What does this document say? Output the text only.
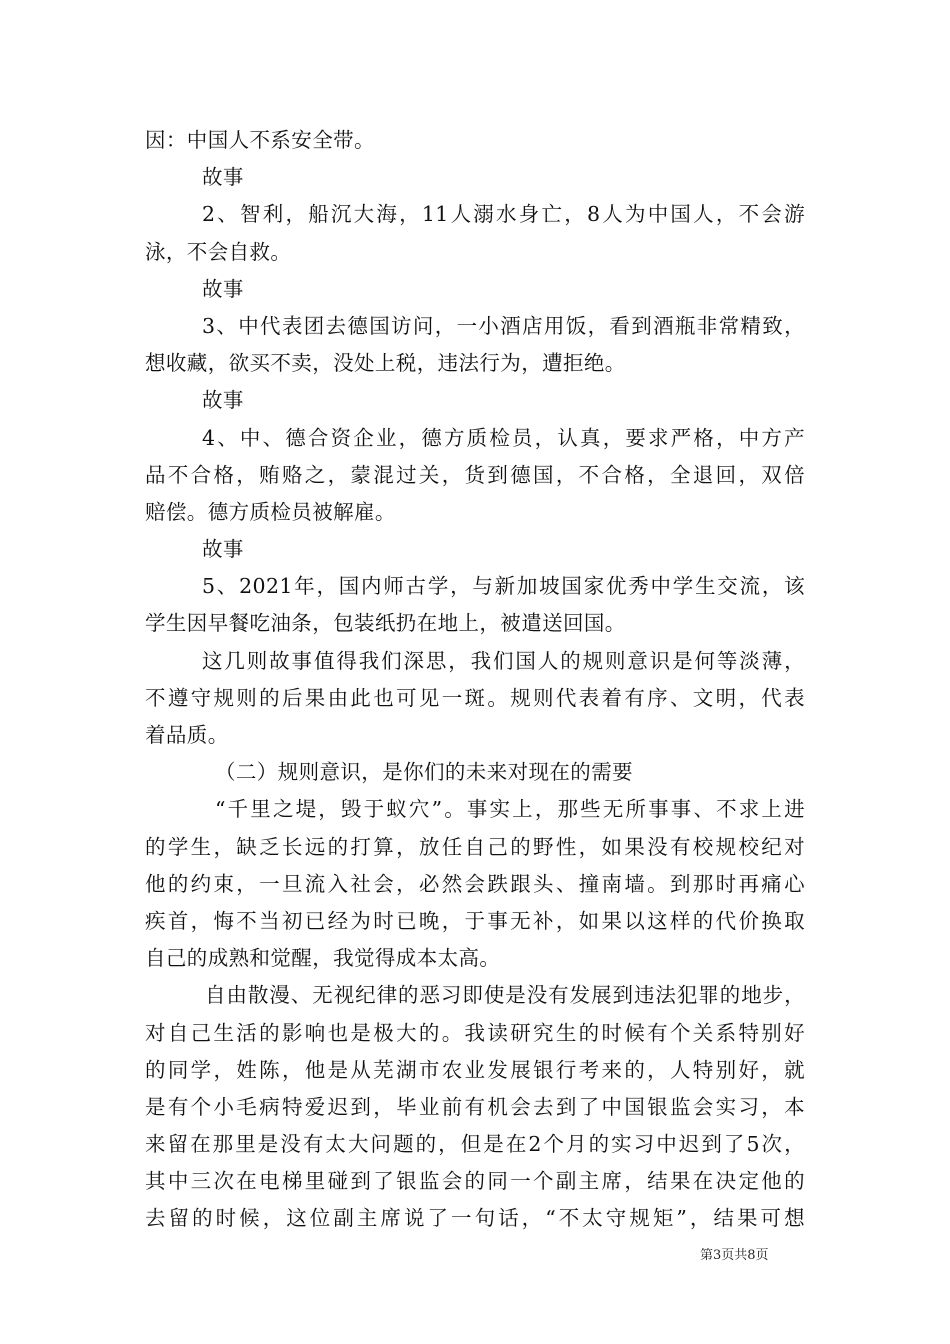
因：中国人不系安全带。
故事
2、智利，船沉大海，11人溺水身亡，8人为中国人，不会游
泳，不会自救。
故事
3、中代表团去德国访问，一小酒店用饭，看到酒瓶非常精致，
想收藏，欲买不卖，没处上税，违法行为，遭拒绝。
故事
4、中、德合资企业，德方质检员，认真，要求严格，中方产
品不合格，贿赂之，蒙混过关，货到德国，不合格，全退回，双倍
赔偿。德方质检员被解雇。
故事
5、2021年，国内师古学，与新加坡国家优秀中学生交流，该
学生因早餐吃油条，包装纸扔在地上，被遣送回国。
这几则故事值得我们深思，我们国人的规则意识是何等淡薄，
不遵守规则的后果由此也可见一斑。规则代表着有序、文明，代表
着品质。
（二）规则意识，是你们的未来对现在的需要
“千里之堤，毁于蚁穴”。事实上，那些无所事事、不求上进
的学生，缺乏长远的打算，放任自己的野性，如果没有校规校纪对
他的约束，一旦流入社会，必然会跌跟头、撞南墙。到那时再痛心
疾首，悔不当初已经为时已晚，于事无补，如果以这样的代价换取
自己的成熟和觉醒，我觉得成本太高。
自由散漫、无视纪律的恶习即使是没有发展到违法犯罪的地步，
对自己生活的影响也是极大的。我读研究生的时候有个关系特别好
的同学，姓陈，他是从芜湖市农业发展银行考来的，人特别好，就
是有个小毛病特爱迟到，毕业前有机会去到了中国银监会实习，本
来留在那里是没有太大问题的，但是在2个月的实习中迟到了5次，
其中三次在电梯里碰到了银监会的同一个副主席，结果在决定他的
去留的时候，这位副主席说了一句话，“不太守规矩”，结果可想
第3页共8页
